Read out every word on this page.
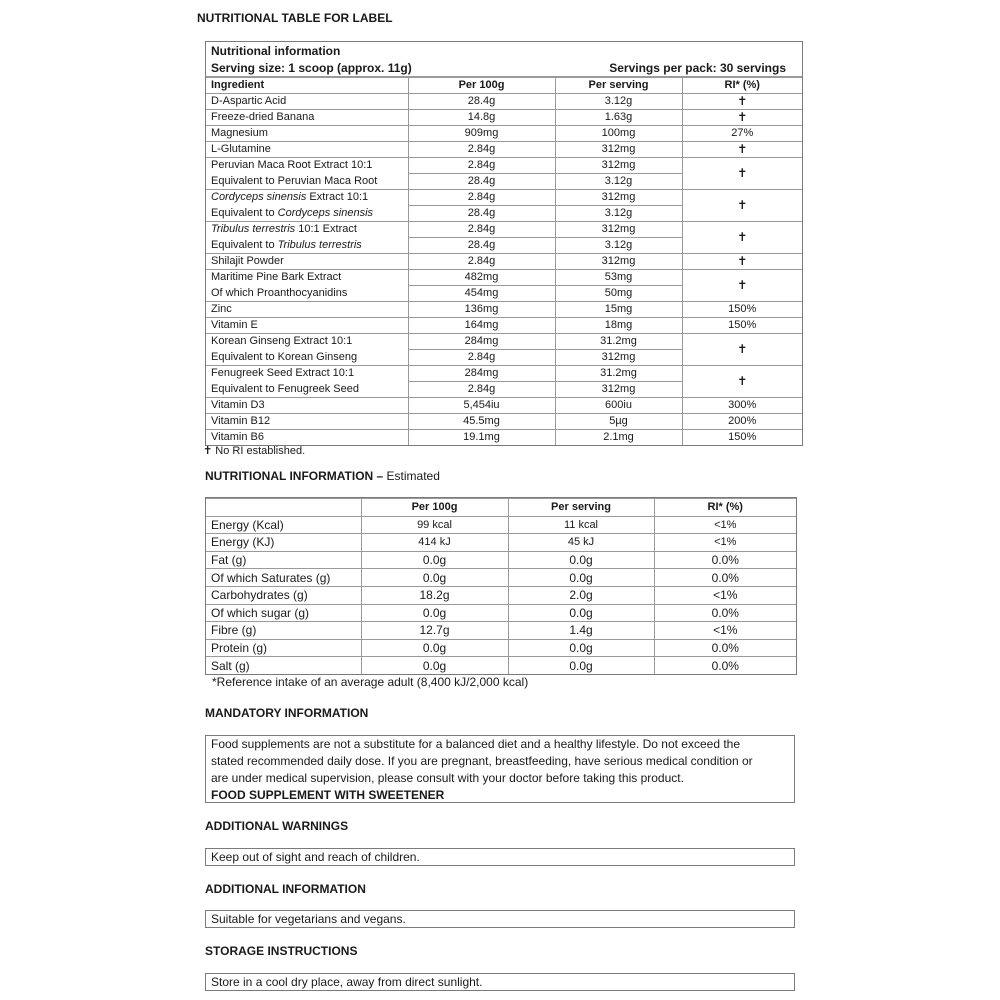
NUTRITIONAL TABLE FOR LABEL
Nutritional information
Serving size: 1 scoop (approx. 11g)	Servings per pack: 30 servings
Ingredient	Per 100g	Per serving	RI* (%)
D-Aspartic Acid	28.4g	3.12g	✝
Freeze-dried Banana	14.8g	1.63g	✝
Magnesium	909mg	100mg	27%
L-Glutamine	2.84g	312mg	✝
Peruvian Maca Root Extract 10:1	2.84g	312mg	✝
Equivalent to Peruvian Maca Root	28.4g	3.12g	
Cordyceps sinensis Extract 10:1	2.84g	312mg	✝
Equivalent to Cordyceps sinensis	28.4g	3.12g	
Tribulus terrestris 10:1 Extract	2.84g	312mg	✝
Equivalent to Tribulus terrestris	28.4g	3.12g	
Shilajit Powder	2.84g	312mg	✝
Maritime Pine Bark Extract	482mg	53mg	✝
Of which Proanthocyanidins	454mg	50mg	
Zinc	136mg	15mg	150%
Vitamin E	164mg	18mg	150%
Korean Ginseng Extract 10:1	284mg	31.2mg	✝
Equivalent to Korean Ginseng	2.84g	312mg	
Fenugreek Seed Extract 10:1	284mg	31.2mg	✝
Equivalent to Fenugreek Seed	2.84g	312mg	
Vitamin D3	5,454iu	600iu	300%
Vitamin B12	45.5mg	5µg	200%
Vitamin B6	19.1mg	2.1mg	150%
✝ No RI established.
NUTRITIONAL INFORMATION – Estimated
	Per 100g	Per serving	RI* (%)
Energy (Kcal)	99 kcal	11 kcal	<1%
Energy (KJ)	414 kJ	45 kJ	<1%
Fat (g)	0.0g	0.0g	0.0%
Of which Saturates (g)	0.0g	0.0g	0.0%
Carbohydrates (g)	18.2g	2.0g	<1%
Of which sugar (g)	0.0g	0.0g	0.0%
Fibre (g)	12.7g	1.4g	<1%
Protein (g)	0.0g	0.0g	0.0%
Salt (g)	0.0g	0.0g	0.0%
*Reference intake of an average adult (8,400 kJ/2,000 kcal)
MANDATORY INFORMATION
Food supplements are not a substitute for a balanced diet and a healthy lifestyle. Do not exceed the
stated recommended daily dose. If you are pregnant, breastfeeding, have serious medical condition or
are under medical supervision, please consult with your doctor before taking this product.
FOOD SUPPLEMENT WITH SWEETENER
ADDITIONAL WARNINGS
Keep out of sight and reach of children.
ADDITIONAL INFORMATION
Suitable for vegetarians and vegans.
STORAGE INSTRUCTIONS
Store in a cool dry place, away from direct sunlight.
